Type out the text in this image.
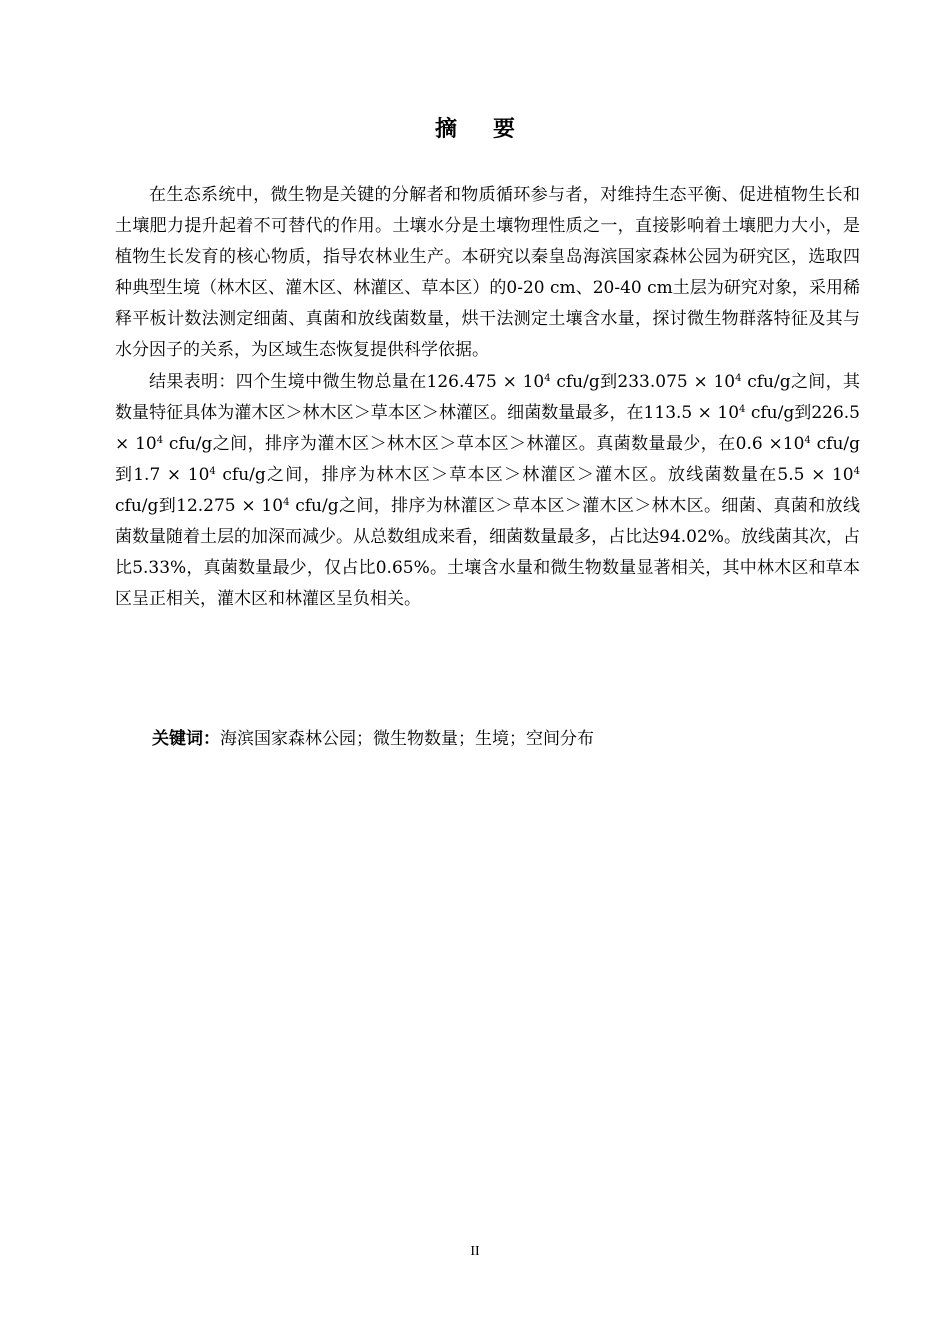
摘要

在生态系统中，微生物是关键的分解者和物质循环参与者，对维持生态平衡、促进植物生长和土壤肥力提升起着不可替代的作用。土壤水分是土壤物理性质之一，直接影响着土壤肥力大小，是植物生长发育的核心物质，指导农林业生产。本研究以秦皇岛海滨国家森林公园为研究区，选取四种典型生境（林木区、灌木区、林灌区、草本区）的0-20 cm、20-40 cm土层为研究对象，采用稀释平板计数法测定细菌、真菌和放线菌数量，烘干法测定土壤含水量，探讨微生物群落特征及其与水分因子的关系，为区域生态恢复提供科学依据。

结果表明：四个生境中微生物总量在$126.475 \times 10^4$ cfu/g到$233.075 \times 10^4$ cfu/g之间，其数量特征具体为灌木区＞林木区＞草本区＞林灌区。细菌数量最多，在$113.5 \times 10^4$ cfu/g到$226.5 \times 10^4$ cfu/g之间，排序为灌木区＞林木区＞草本区＞林灌区。真菌数量最少，在$0.6 \times 10^4$ cfu/g到$1.7 \times 10^4$ cfu/g之间，排序为林木区＞草本区＞林灌区＞灌木区。放线菌数量在$5.5 \times 10^4$ cfu/g到$12.275 \times 10^4$ cfu/g之间，排序为林灌区＞草本区＞灌木区＞林木区。细菌、真菌和放线菌数量随着土层的加深而减少。从总数组成来看，细菌数量最多，占比达94.02%。放线菌其次，占比5.33%，真菌数量最少，仅占比0.65%。土壤含水量和微生物数量显著相关，其中林木区和草本区呈正相关，灌木区和林灌区呈负相关。

关键词：海滨国家森林公园；微生物数量；生境；空间分布
II
